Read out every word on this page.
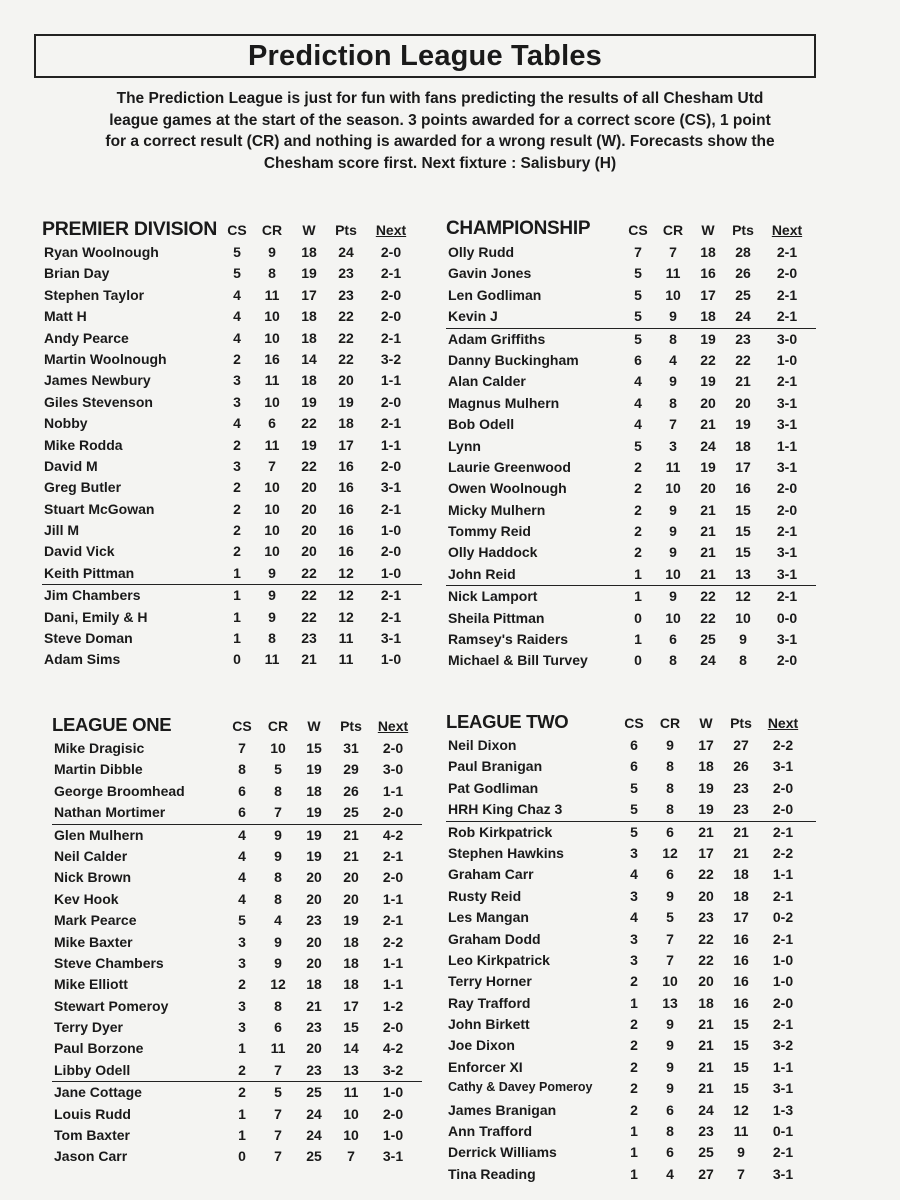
Prediction League Tables

The Prediction League is just for fun with fans predicting the results of all Chesham Utd

league games at the start of the season. 3 points awarded for a correct score (CS), 1 point

for a correct result (CR) and nothing is awarded for a wrong result (W). Forecasts show the

Chesham score first. Next fixture : Salisbury (H)

PREMIER DIVISION CS	CR	W	Pts	Next
Ryan Woolnough	5	9	18	24	2-0
Brian Day	5	8	19	23	2-1
Stephen Taylor	4	11	17	23	2-0
Matt H	4	10	18	22	2-0
Andy Pearce	4	10	18	22	2-1
Martin Woolnough	2	16	14	22	3-2
James Newbury	3	11	18	20	1-1
Giles Stevenson	3	10	19	19	2-0
Nobby	4	6	22	18	2-1
Mike Rodda	2	11	19	17	1-1
David M	3	7	22	16	2-0
Greg Butler	2	10	20	16	3-1
Stuart McGowan	2	10	20	16	2-1
Jill M	2	10	20	16	1-0
David Vick	2	10	20	16	2-0
Keith Pittman	1	9	22	12	1-0
Jim Chambers	1	9	22	12	2-1
Dani, Emily & H	1	9	22	12	2-1
Steve Doman	1	8	23	11	3-1
Adam Sims	0	11	21	11	1-0
CHAMPIONSHIP	CS	CR	W	Pts	Next
Olly Rudd	7	7	18	28	2-1
Gavin Jones	5	11	16	26	2-0
Len Godliman	5	10	17	25	2-1
Kevin J	5	9	18	24	2-1
Adam Griffiths	5	8	19	23	3-0
Danny Buckingham	6	4	22	22	1-0
Alan Calder	4	9	19	21	2-1
Magnus Mulhern	4	8	20	20	3-1
Bob Odell	4	7	21	19	3-1
Lynn	5	3	24	18	1-1
Laurie Greenwood	2	11	19	17	3-1
Owen Woolnough	2	10	20	16	2-0
Micky Mulhern	2	9	21	15	2-0
Tommy Reid	2	9	21	15	2-1
Olly Haddock	2	9	21	15	3-1
John Reid	1	10	21	13	3-1
Nick Lamport	1	9	22	12	2-1
Sheila Pittman	0	10	22	10	0-0
Ramsey's Raiders	1	6	25	9	3-1
Michael & Bill Turvey	0	8	24	8	2-0
LEAGUE ONE	CS	CR	W	Pts	Next
Mike Dragisic	7	10	15	31	2-0
Martin Dibble	8	5	19	29	3-0
George Broomhead	6	8	18	26	1-1
Nathan Mortimer	6	7	19	25	2-0
Glen Mulhern	4	9	19	21	4-2
Neil Calder	4	9	19	21	2-1
Nick Brown	4	8	20	20	2-0
Kev Hook	4	8	20	20	1-1
Mark Pearce	5	4	23	19	2-1
Mike Baxter	3	9	20	18	2-2
Steve Chambers	3	9	20	18	1-1
Mike Elliott	2	12	18	18	1-1
Stewart Pomeroy	3	8	21	17	1-2
Terry Dyer	3	6	23	15	2-0
Paul Borzone	1	11	20	14	4-2
Libby Odell	2	7	23	13	3-2
Jane Cottage	2	5	25	11	1-0
Louis Rudd	1	7	24	10	2-0
Tom Baxter	1	7	24	10	1-0
Jason Carr	0	7	25	7	3-1
LEAGUE TWO	CS	CR	W	Pts	Next
Neil Dixon	6	9	17	27	2-2
Paul Branigan	6	8	18	26	3-1
Pat Godliman	5	8	19	23	2-0
HRH King Chaz 3	5	8	19	23	2-0
Rob Kirkpatrick	5	6	21	21	2-1
Stephen Hawkins	3	12	17	21	2-2
Graham Carr	4	6	22	18	1-1
Rusty Reid	3	9	20	18	2-1
Les Mangan	4	5	23	17	0-2
Graham Dodd	3	7	22	16	2-1
Leo Kirkpatrick	3	7	22	16	1-0
Terry Horner	2	10	20	16	1-0
Ray Trafford	1	13	18	16	2-0
John Birkett	2	9	21	15	2-1
Joe Dixon	2	9	21	15	3-2
Enforcer XI	2	9	21	15	1-1
Cathy & Davey Pomeroy	2	9	21	15	3-1
James Branigan	2	6	24	12	1-3
Ann Trafford	1	8	23	11	0-1
Derrick Williams	1	6	25	9	2-1
Tina Reading	1	4	27	7	3-1
